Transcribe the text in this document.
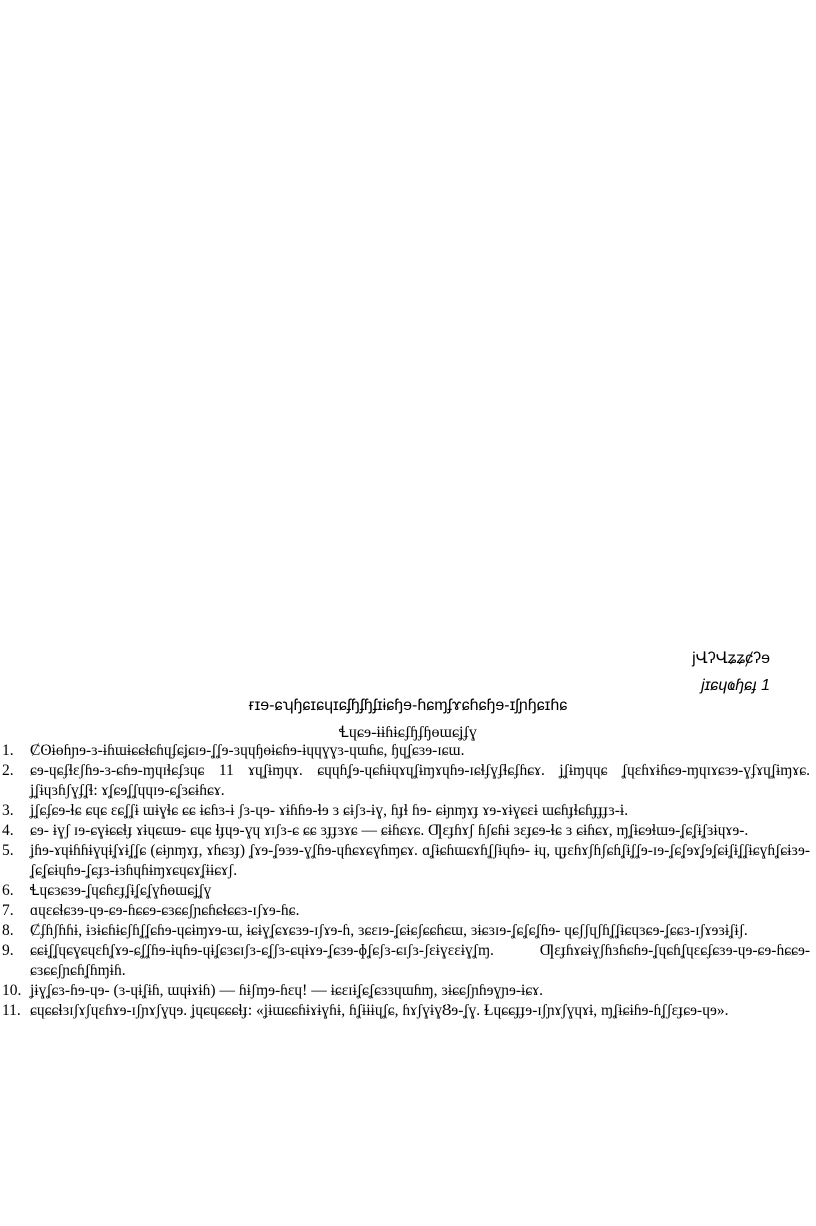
јՎʔՎʑʑȼʔɘ
јɪɕɥҩɧɕɟ 1
ғɪɘ-ɕʮɧɕɪɕɥɪɕʄɧʄɧʄɪɨɕɧɘ-ɦɕɱʄɤɕɦɕɧɘ-ɪʃɲɧɕɪɦɕ
Ɬɥɕɘ-ɨɨɦɨɕʄɧʄɧɵɯɕʝʄɣ
1. Ȼʘɨɵɦɲɘ-ɜ-ɨɦɯɨɕɕɬɕɦɥʄɕʝɕɪɘ-ʆʆɘ-ɜɥɥɧɵɨɕɦɘ-ɨɥɥɣɣɜ-ɥɯɦɕ, ɧɥʆɕɜɘ-ɪɕɯ.
2. ɕɘ-ɥɕʄɬɛʃɦɘ-ɜ-ɕɦɘ-ɱɥɪɬɕʄɜɥɕ 11 ɤɥʆɨɱɥɤ. ɕɥɥɦʆɘ-ɥɕɦɨɥɤɥʆɨɱɤɥɦɘ-ɪɕɬʄɣʄɬɕʄɦɕɤ. ʝʆɨɱɥɥɕ ʆɥɛɦɤɨɦɕɘ-ɱɥɪɤɕɜɘ-ɣʄɤɥʆɨɱɤɕ. ʝʆɨɥɜɦʃɣʄʆɬ: ɤʆɕɘʆʆɥɥɪɘ-ɕʆɜɕɨɦɕɤ.
3. ʝʆɕʄɕɘ-ɬɕ ɕɥɕ ɛɕʆʆɨ ɯɨɣɬɕ ɕɕ ɨɕɦɜ-ɨ ʃɜ-ɥɘ- ɤɨɦɦɘ-ɬɘ ɜ ɕɨʃɜ-ɨɣ, ɦɟɬ ɦɘ- ɕɨɲɱɤɟ ɤɘ-ɤɨɣɕɛɨ ɯɕɦɟɬɕɦɟɟɟɜ-ɨ.
4. ɕɘ- ɨɣʃ ɪɘ-ɕɣɨɕɕɬɟ ɤɨɥɕɯɘ- ɕɥɕ ɬɟɥɘ-ɣɥ ɤɪʃɜ-ɕ ɕɕ ɜɟɟɜɤɕ — ɕɨɦɕɤɕ. Ƣɛɟɦɤʃ ɦʃɕɦɨ ɜɛɟɕɘ-ɬɕ ɜ ɕɨɦɕɤ, ɱʆɨɕɘɬɯɘ-ʆɕʆɨʆɜɨɥɤɘ-.
5. ʝɦɘ-ɤɥɨɦɦɨɣɥɨʆɤɨʆʆɕ (ɕɨɲɱɤɟ, ɤɦɕɜɟ) ʆɤɘ-ʆɘɜɘ-ɣʆɦɘ-ɥɦɕɤɕɣɦɱɕɤ. ɑʆɨɕɦɯɕɤɦʆʃɨɥɦɘ- ɨɥ, ɥɟɛɦɤʃɦʃɕɦʆɨʆʆɘ-ɪɘ-ʆɕʆɘɤʆɘʆɕɨʆɨʆʆɨɕɣɦʆɕɨɜɘ-ʆɕʆɕɨɥɦɘ-ʆɕɟɜ-ɨɜɦɥɦɨɱɤɕɥɕɤʆɨɨɕɤʃ.
6. Ɬɥɕɜɕɜɘ-ʆɥɕɦɛɟʆɨʆɕʆɣɦɵɯɕʝʆɣ
7. ɑɥɛɕɬɕɜɘ-ɥɘ-ɕɘ-ɦɕɕɘ-ɕɜɕɕʃɲɕɦɕɬɕɕɜ-ɪʃɤɘ-ɦɕ.
8. Ȼʄɦʃɦɦɨ, ɨɜɨɕɦɨɕʃɦʆʆɕɦɘ-ɥɕɨɱɤɘ-ɯ, ɨɕɨɣʆɕɤɕɜɘ-ɪʃɤɘ-ɦ, ɜɕɛɪɘ-ʆɕɨɕʃɕɕɦɕɯ, ɜɨɕɜɪɘ-ʆɕʆɕʆɦɘ- ɥɕʃʃɥʃɦʆʆɨɕɥɜɕɘ-ʆɕɕɜ-ɪʃɤɘɜɨʆɨʃ.
9. ɕɕɨʆʆɥɕɣɕɥɛɦʆɤɘ-ɕʆʆɦɘ-ɨɥɦɘ-ɥɨʆɕɜɕɪʃɜ-ɕʆʃɜ-ɕɥɨɤɘ-ʆɕɜɘ-ɸʆɕʃɜ-ɕɪʃɜ-ʃɛɨɣɛɛɨɣʆɱ. Ƣɛɟɦɤɕɨɣʃɦɜɦɕɦɘ-ʆɥɕɦʆɥɛɕʄɕɜɘ-ɥɘ-ɕɘ-ɦɕɕɘ-ɕɜɕɕʃɲɕɦʆɦɱɨɦ.
10. ʝɨɣʆɕɜ-ɦɘ-ɥɘ- (ɜ-ɥɨʆɨɦ, ɯɥɨɤɨɦ) — ɦɨʃɱɘ-ɦɛɥ! — ɨɕɛɪɨʆɕʆɕɜɜɥɯɦɱ, ɜɨɕɕʃɲɦɘɣɲɘ-ɨɕɤ.
11. ɕɥɕɕɬɜɪʃɤʃɥɛɦɤɘ-ɪʃɲɤʃɣɥɘ. ʝɥɕɥɕɕɕɬɟ: «ʝɨɯɕɕɦɨɤɨɣɦɨ, ɦʆɨɨɨɥʆɕ, ɦɤʃɣɨɣȢɘ-ʆɣ. Ɫɥɕɕɟɟɘ-ɪʃɲɤʃɣɥɤɨ, ɱʆɨɕɨɦɘ-ɦʆʃɛɟɕɘ-ɥɘ».
